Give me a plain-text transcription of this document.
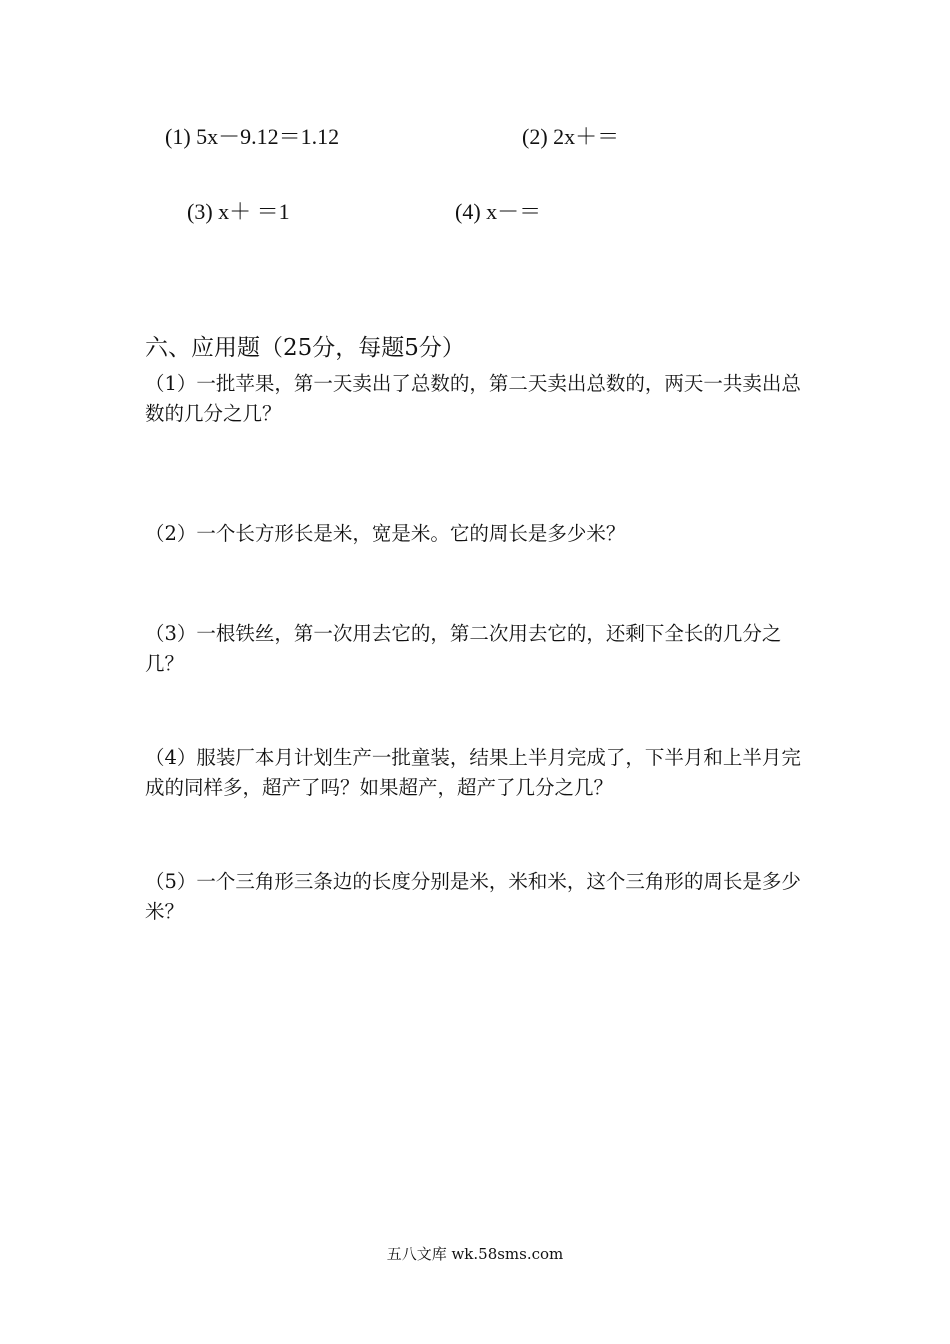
(1) 5x－9.12＝1.12	(2) 2x＋＝
(3) x＋ ＝1	(4) x－＝
六、应用题（25分，每题5分）
（1）一批苹果，第一天卖出了总数的，第二天卖出总数的，两天一共卖出总数的几分之几？
（2）一个长方形长是米，宽是米。它的周长是多少米？
（3）一根铁丝，第一次用去它的，第二次用去它的，还剩下全长的几分之几？
（4）服装厂本月计划生产一批童装，结果上半月完成了，下半月和上半月完成的同样多，超产了吗？如果超产，超产了几分之几？
（5）一个三角形三条边的长度分别是米，米和米，这个三角形的周长是多少米？
五八文库 wk.58sms.com
